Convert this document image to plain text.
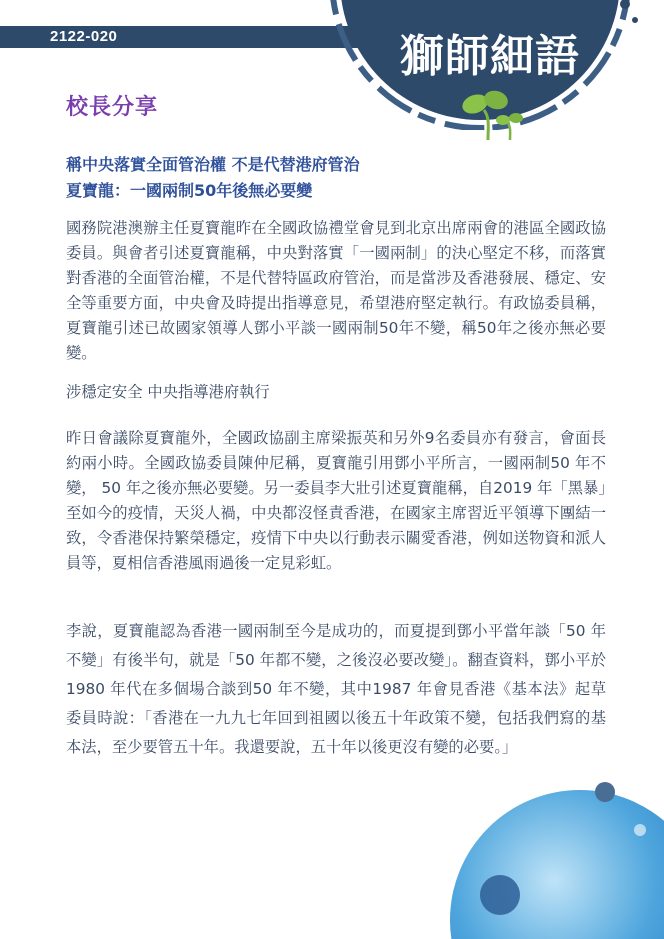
2122-020	獅師細語
校長分享
稱中央落實全面管治權 不是代替港府管治
夏寶龍：一國兩制50年後無必要變
國務院港澳辦主任夏寶龍昨在全國政協禮堂會見到北京出席兩會的港區全國政協委員。與會者引述夏寶龍稱，中央對落實「一國兩制」的決心堅定不移，而落實對香港的全面管治權，不是代替特區政府管治，而是當涉及香港發展、穩定、安全等重要方面，中央會及時提出指導意見，希望港府堅定執行。有政協委員稱，夏寶龍引述已故國家領導人鄧小平談一國兩制50年不變，稱50年之後亦無必要變。
涉穩定安全 中央指導港府執行
昨日會議除夏寶龍外，全國政協副主席梁振英和另外9名委員亦有發言，會面長約兩小時。全國政協委員陳仲尼稱，夏寶龍引用鄧小平所言，一國兩制50 年不變， 50 年之後亦無必要變。另一委員李大壯引述夏寶龍稱，自2019 年「黑暴」至如今的疫情，天災人禍，中央都沒怪責香港，在國家主席習近平領導下團結一致，令香港保持繁榮穩定，疫情下中央以行動表示關愛香港，例如送物資和派人員等，夏相信香港風雨過後一定見彩虹。
李說，夏寶龍認為香港一國兩制至今是成功的，而夏提到鄧小平當年談「50 年不變」有後半句，就是「50 年都不變，之後沒必要改變」。翻查資料，鄧小平於1980 年代在多個場合談到50 年不變，其中1987 年會見香港《基本法》起草委員時說：「香港在一九九七年回到祖國以後五十年政策不變，包括我們寫的基本法，至少要管五十年。我還要說，五十年以後更沒有變的必要。」
